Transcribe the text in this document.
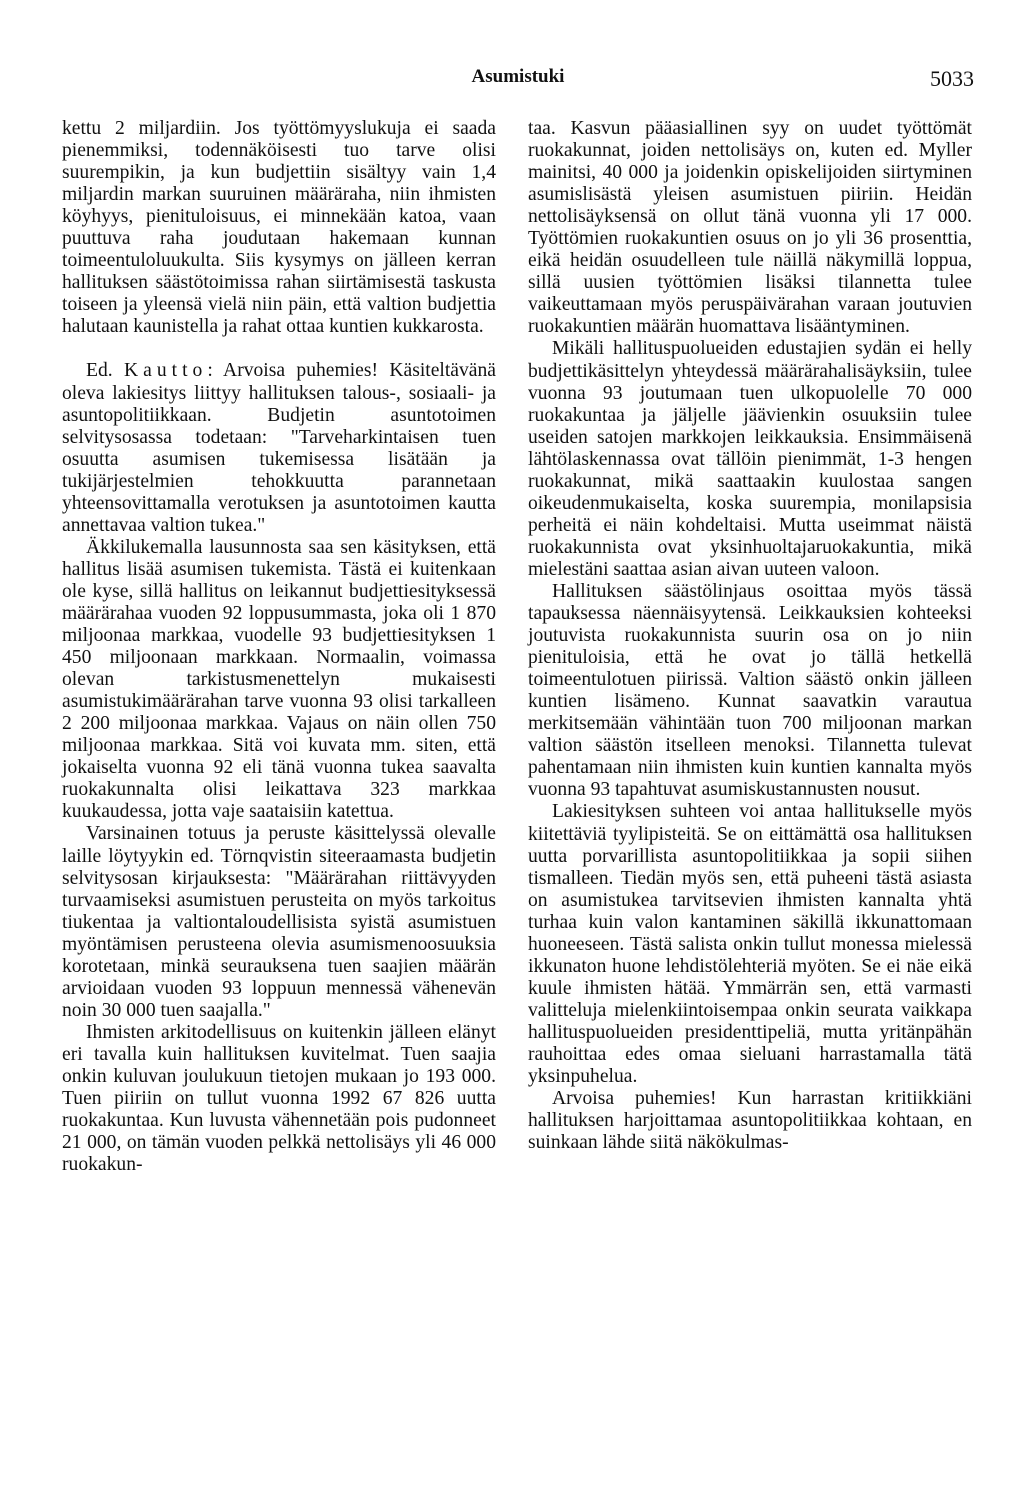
Asumistuki	5033

kettu 2 miljardiin. Jos työttömyyslukuja ei saada pienemmiksi, todennäköisesti tuo tarve olisi suurempikin, ja kun budjettiin sisältyy vain 1,4 miljardin markan suuruinen määräraha, niin ihmisten köyhyys, pienituloisuus, ei minnekään katoa, vaan puuttuva raha joudutaan hakemaan kunnan toimeentuloluukulta. Siis kysymys on jälleen kerran hallituksen säästötoimissa rahan siirtämisestä taskusta toiseen ja yleensä vielä niin päin, että valtion budjettia halutaan kaunistella ja rahat ottaa kuntien kukkarosta.

Ed. Kautto: Arvoisa puhemies! Käsiteltävänä oleva lakiesitys liittyy hallituksen talous-, sosiaali- ja asuntopolitiikkaan. Budjetin asuntotoimen selvitysosassa todetaan: "Tarveharkintaisen tuen osuutta asumisen tukemisessa lisätään ja tukijärjestelmien tehokkuutta parannetaan yhteensovittamalla verotuksen ja asuntotoimen kautta annettavaa valtion tukea."

Äkkilukemalla lausunnosta saa sen käsityksen, että hallitus lisää asumisen tukemista. Tästä ei kuitenkaan ole kyse, sillä hallitus on leikannut budjettiesityksessä määrärahaa vuoden 92 loppusummasta, joka oli 1 870 miljoonaa markkaa, vuodelle 93 budjettiesityksen 1 450 miljoonaan markkaan. Normaalin, voimassa olevan tarkistusmenettelyn mukaisesti asumistukimäärärahan tarve vuonna 93 olisi tarkalleen 2 200 miljoonaa markkaa. Vajaus on näin ollen 750 miljoonaa markkaa. Sitä voi kuvata mm. siten, että jokaiselta vuonna 92 eli tänä vuonna tukea saavalta ruokakunnalta olisi leikattava 323 markkaa kuukaudessa, jotta vaje saataisiin katettua.

Varsinainen totuus ja peruste käsittelyssä olevalle laille löytyykin ed. Törnqvistin siteeraamasta budjetin selvitysosan kirjauksesta: "Määrärahan riittävyyden turvaamiseksi asumistuen perusteita on myös tarkoitus tiukentaa ja valtiontaloudellisista syistä asumistuen myöntämisen perusteena olevia asumismenoosuuksia korotetaan, minkä seurauksena tuen saajien määrän arvioidaan vuoden 93 loppuun mennessä vähenevän noin 30 000 tuen saajalla."

Ihmisten arkitodellisuus on kuitenkin jälleen elänyt eri tavalla kuin hallituksen kuvitelmat. Tuen saajia onkin kuluvan joulukuun tietojen mukaan jo 193 000. Tuen piiriin on tullut vuonna 1992 67 826 uutta ruokakuntaa. Kun luvusta vähennetään pois pudonneet 21 000, on tämän vuoden pelkkä nettolisäys yli 46 000 ruokakun-

taa. Kasvun pääasiallinen syy on uudet työttömät ruokakunnat, joiden nettolisäys on, kuten ed. Myller mainitsi, 40 000 ja joidenkin opiskelijoiden siirtyminen asumislisästä yleisen asumistuen piiriin. Heidän nettolisäyksensä on ollut tänä vuonna yli 17 000. Työttömien ruokakuntien osuus on jo yli 36 prosenttia, eikä heidän osuudelleen tule näillä näkymillä loppua, sillä uusien työttömien lisäksi tilannetta tulee vaikeuttamaan myös peruspäivärahan varaan joutuvien ruokakuntien määrän huomattava lisääntyminen.

Mikäli hallituspuolueiden edustajien sydän ei helly budjettikäsittelyn yhteydessä määrärahalisäyksiin, tulee vuonna 93 joutumaan tuen ulkopuolelle 70 000 ruokakuntaa ja jäljelle jäävienkin osuuksiin tulee useiden satojen markkojen leikkauksia. Ensimmäisenä lähtölaskennassa ovat tällöin pienimmät, 1-3 hengen ruokakunnat, mikä saattaakin kuulostaa sangen oikeudenmukaiselta, koska suurempia, monilapsisia perheitä ei näin kohdeltaisi. Mutta useimmat näistä ruokakunnista ovat yksinhuoltajaruokakuntia, mikä mielestäni saattaa asian aivan uuteen valoon.

Hallituksen säästölinjaus osoittaa myös tässä tapauksessa näennäisyytensä. Leikkauksien kohteeksi joutuvista ruokakunnista suurin osa on jo niin pienituloisia, että he ovat jo tällä hetkellä toimeentulotuen piirissä. Valtion säästö onkin jälleen kuntien lisämeno. Kunnat saavatkin varautua merkitsemään vähintään tuon 700 miljoonan markan valtion säästön itselleen menoksi. Tilannetta tulevat pahentamaan niin ihmisten kuin kuntien kannalta myös vuonna 93 tapahtuvat asumiskustannusten nousut.

Lakiesityksen suhteen voi antaa hallitukselle myös kiitettäviä tyylipisteitä. Se on eittämättä osa hallituksen uutta porvarillista asuntopolitiikkaa ja sopii siihen tismalleen. Tiedän myös sen, että puheeni tästä asiasta on asumistukea tarvitsevien ihmisten kannalta yhtä turhaa kuin valon kantaminen säkillä ikkunattomaan huoneeseen. Tästä salista onkin tullut monessa mielessä ikkunaton huone lehdistölehteriä myöten. Se ei näe eikä kuule ihmisten hätää. Ymmärrän sen, että varmasti valitteluja mielenkiintoisempaa onkin seurata vaikkapa hallituspuolueiden presidenttipeliä, mutta yritänpähän rauhoittaa edes omaa sieluani harrastamalla tätä yksinpuhelua.

Arvoisa puhemies! Kun harrastan kritiikkiäni hallituksen harjoittamaa asuntopolitiikkaa kohtaan, en suinkaan lähde siitä näkökulmas-
